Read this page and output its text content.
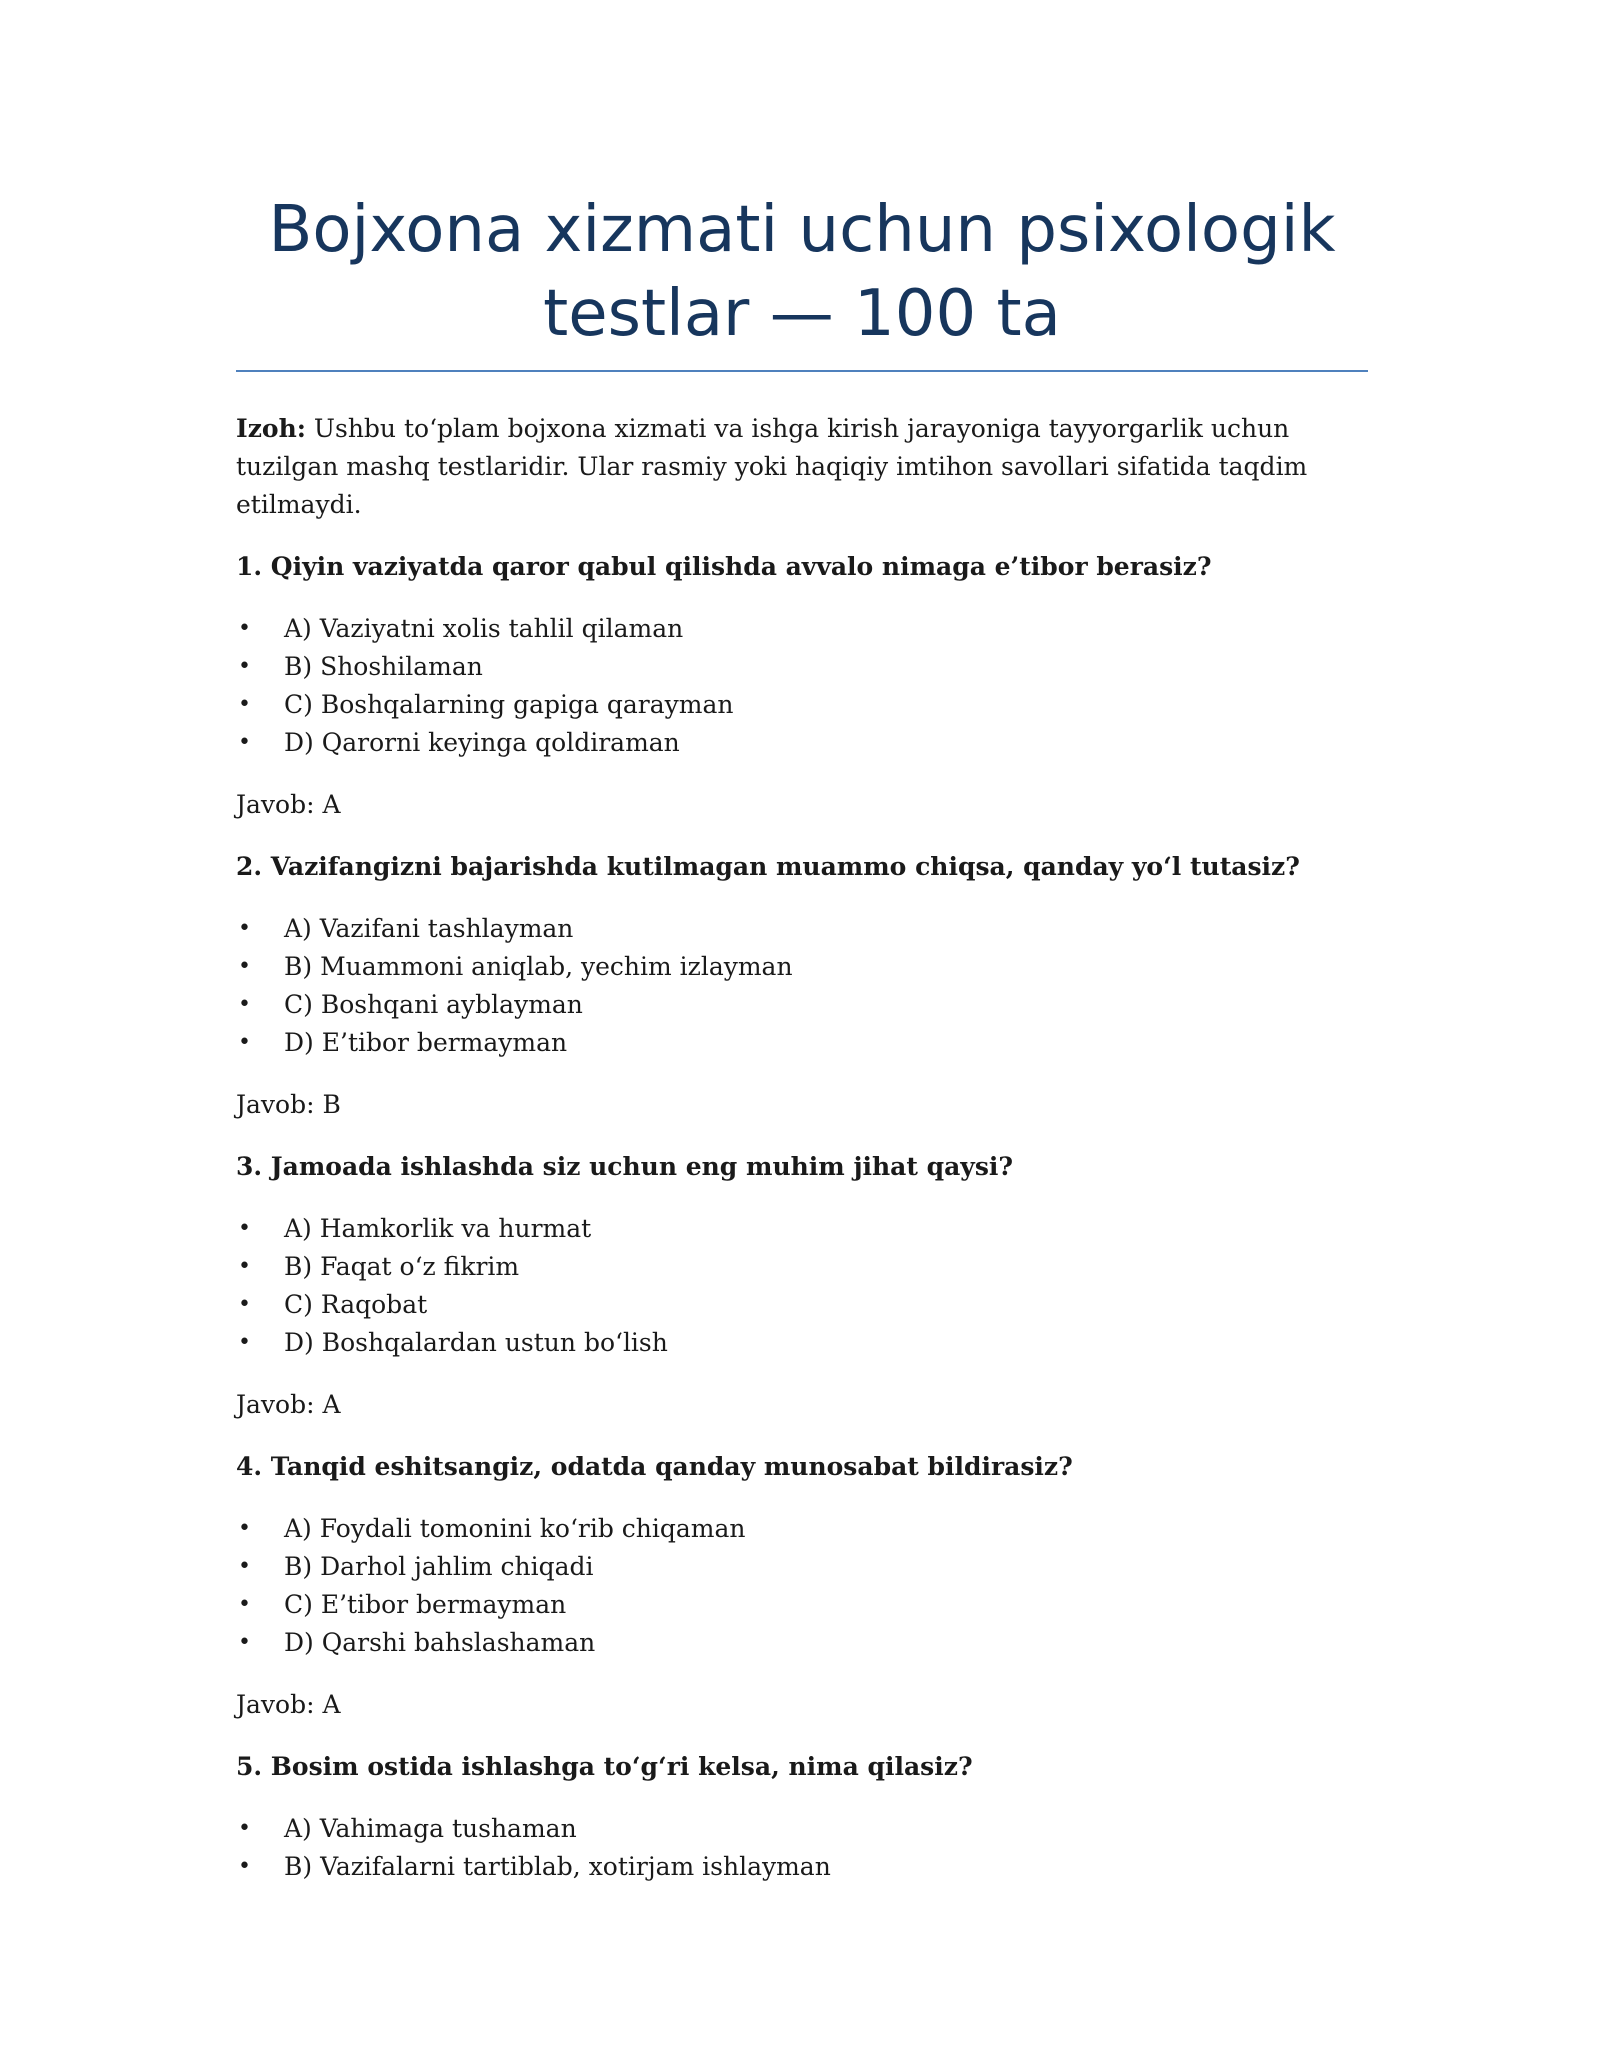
Bojxona xizmati uchun psixologik testlar — 100 ta

Izoh: Ushbu to‘plam bojxona xizmati va ishga kirish jarayoniga tayyorgarlik uchun tuzilgan mashq testlaridir. Ular rasmiy yoki haqiqiy imtihon savollari sifatida taqdim etilmaydi.

1. Qiyin vaziyatda qaror qabul qilishda avvalo nimaga e’tibor berasiz?

• A) Vaziyatni xolis tahlil qilaman
• B) Shoshilaman
• C) Boshqalarning gapiga qarayman
• D) Qarorni keyinga qoldiraman

Javob: A

2. Vazifangizni bajarishda kutilmagan muammo chiqsa, qanday yo‘l tutasiz?

• A) Vazifani tashlayman
• B) Muammoni aniqlab, yechim izlayman
• C) Boshqani ayblayman
• D) E’tibor bermayman

Javob: B

3. Jamoada ishlashda siz uchun eng muhim jihat qaysi?

• A) Hamkorlik va hurmat
• B) Faqat o‘z fikrim
• C) Raqobat
• D) Boshqalardan ustun bo‘lish

Javob: A

4. Tanqid eshitsangiz, odatda qanday munosabat bildirasiz?

• A) Foydali tomonini ko‘rib chiqaman
• B) Darhol jahlim chiqadi
• C) E’tibor bermayman
• D) Qarshi bahslashaman

Javob: A

5. Bosim ostida ishlashga to‘g‘ri kelsa, nima qilasiz?

• A) Vahimaga tushaman
• B) Vazifalarni tartiblab, xotirjam ishlayman
